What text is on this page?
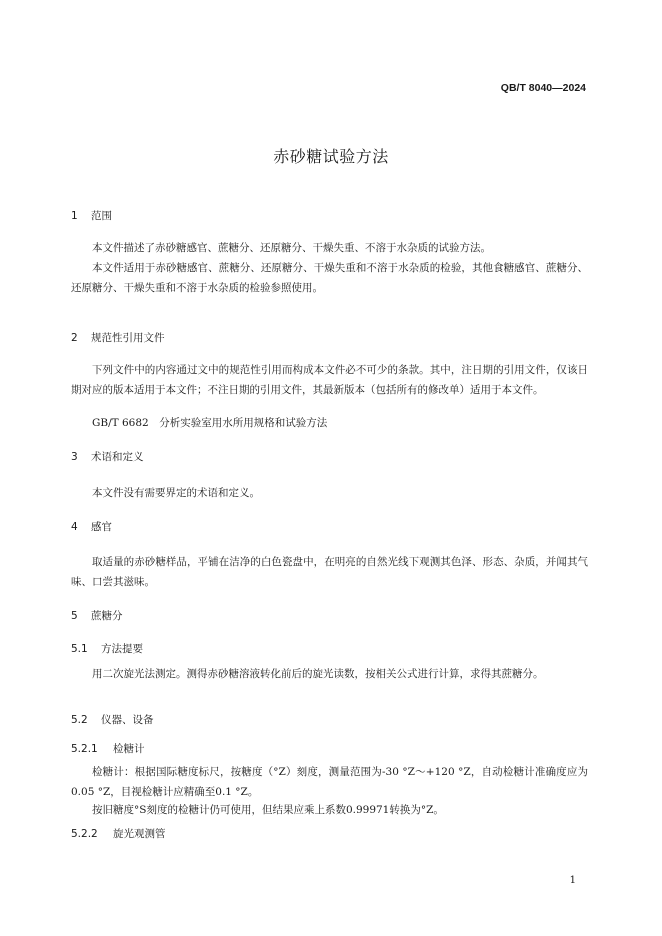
QB/T 8040—2024
赤砂糖试验方法
1 范围
本文件描述了赤砂糖感官、蔗糖分、还原糖分、干燥失重、不溶于水杂质的试验方法。
本文件适用于赤砂糖感官、蔗糖分、还原糖分、干燥失重和不溶于水杂质的检验，其他食糖感官、蔗糖分、还原糖分、干燥失重和不溶于水杂质的检验参照使用。
2 规范性引用文件
下列文件中的内容通过文中的规范性引用而构成本文件必不可少的条款。其中，注日期的引用文件，仅该日期对应的版本适用于本文件；不注日期的引用文件，其最新版本（包括所有的修改单）适用于本文件。
GB/T 6682　分析实验室用水所用规格和试验方法
3 术语和定义
本文件没有需要界定的术语和定义。
4 感官
取适量的赤砂糖样品，平铺在洁净的白色瓷盘中，在明亮的自然光线下观测其色泽、形态、杂质，并闻其气味、口尝其滋味。
5 蔗糖分
5.1 方法提要
用二次旋光法测定。测得赤砂糖溶液转化前后的旋光读数，按相关公式进行计算，求得其蔗糖分。
5.2 仪器、设备
5.2.1 检糖计
检糖计：根据国际糖度标尺，按糖度（°Z）刻度，测量范围为-30 °Z～+120 °Z，自动检糖计准确度应为0.05 °Z，目视检糖计应精确至0.1 °Z。
按旧糖度°S刻度的检糖计仍可使用，但结果应乘上系数0.99971转换为°Z。
5.2.2 旋光观测管
1
